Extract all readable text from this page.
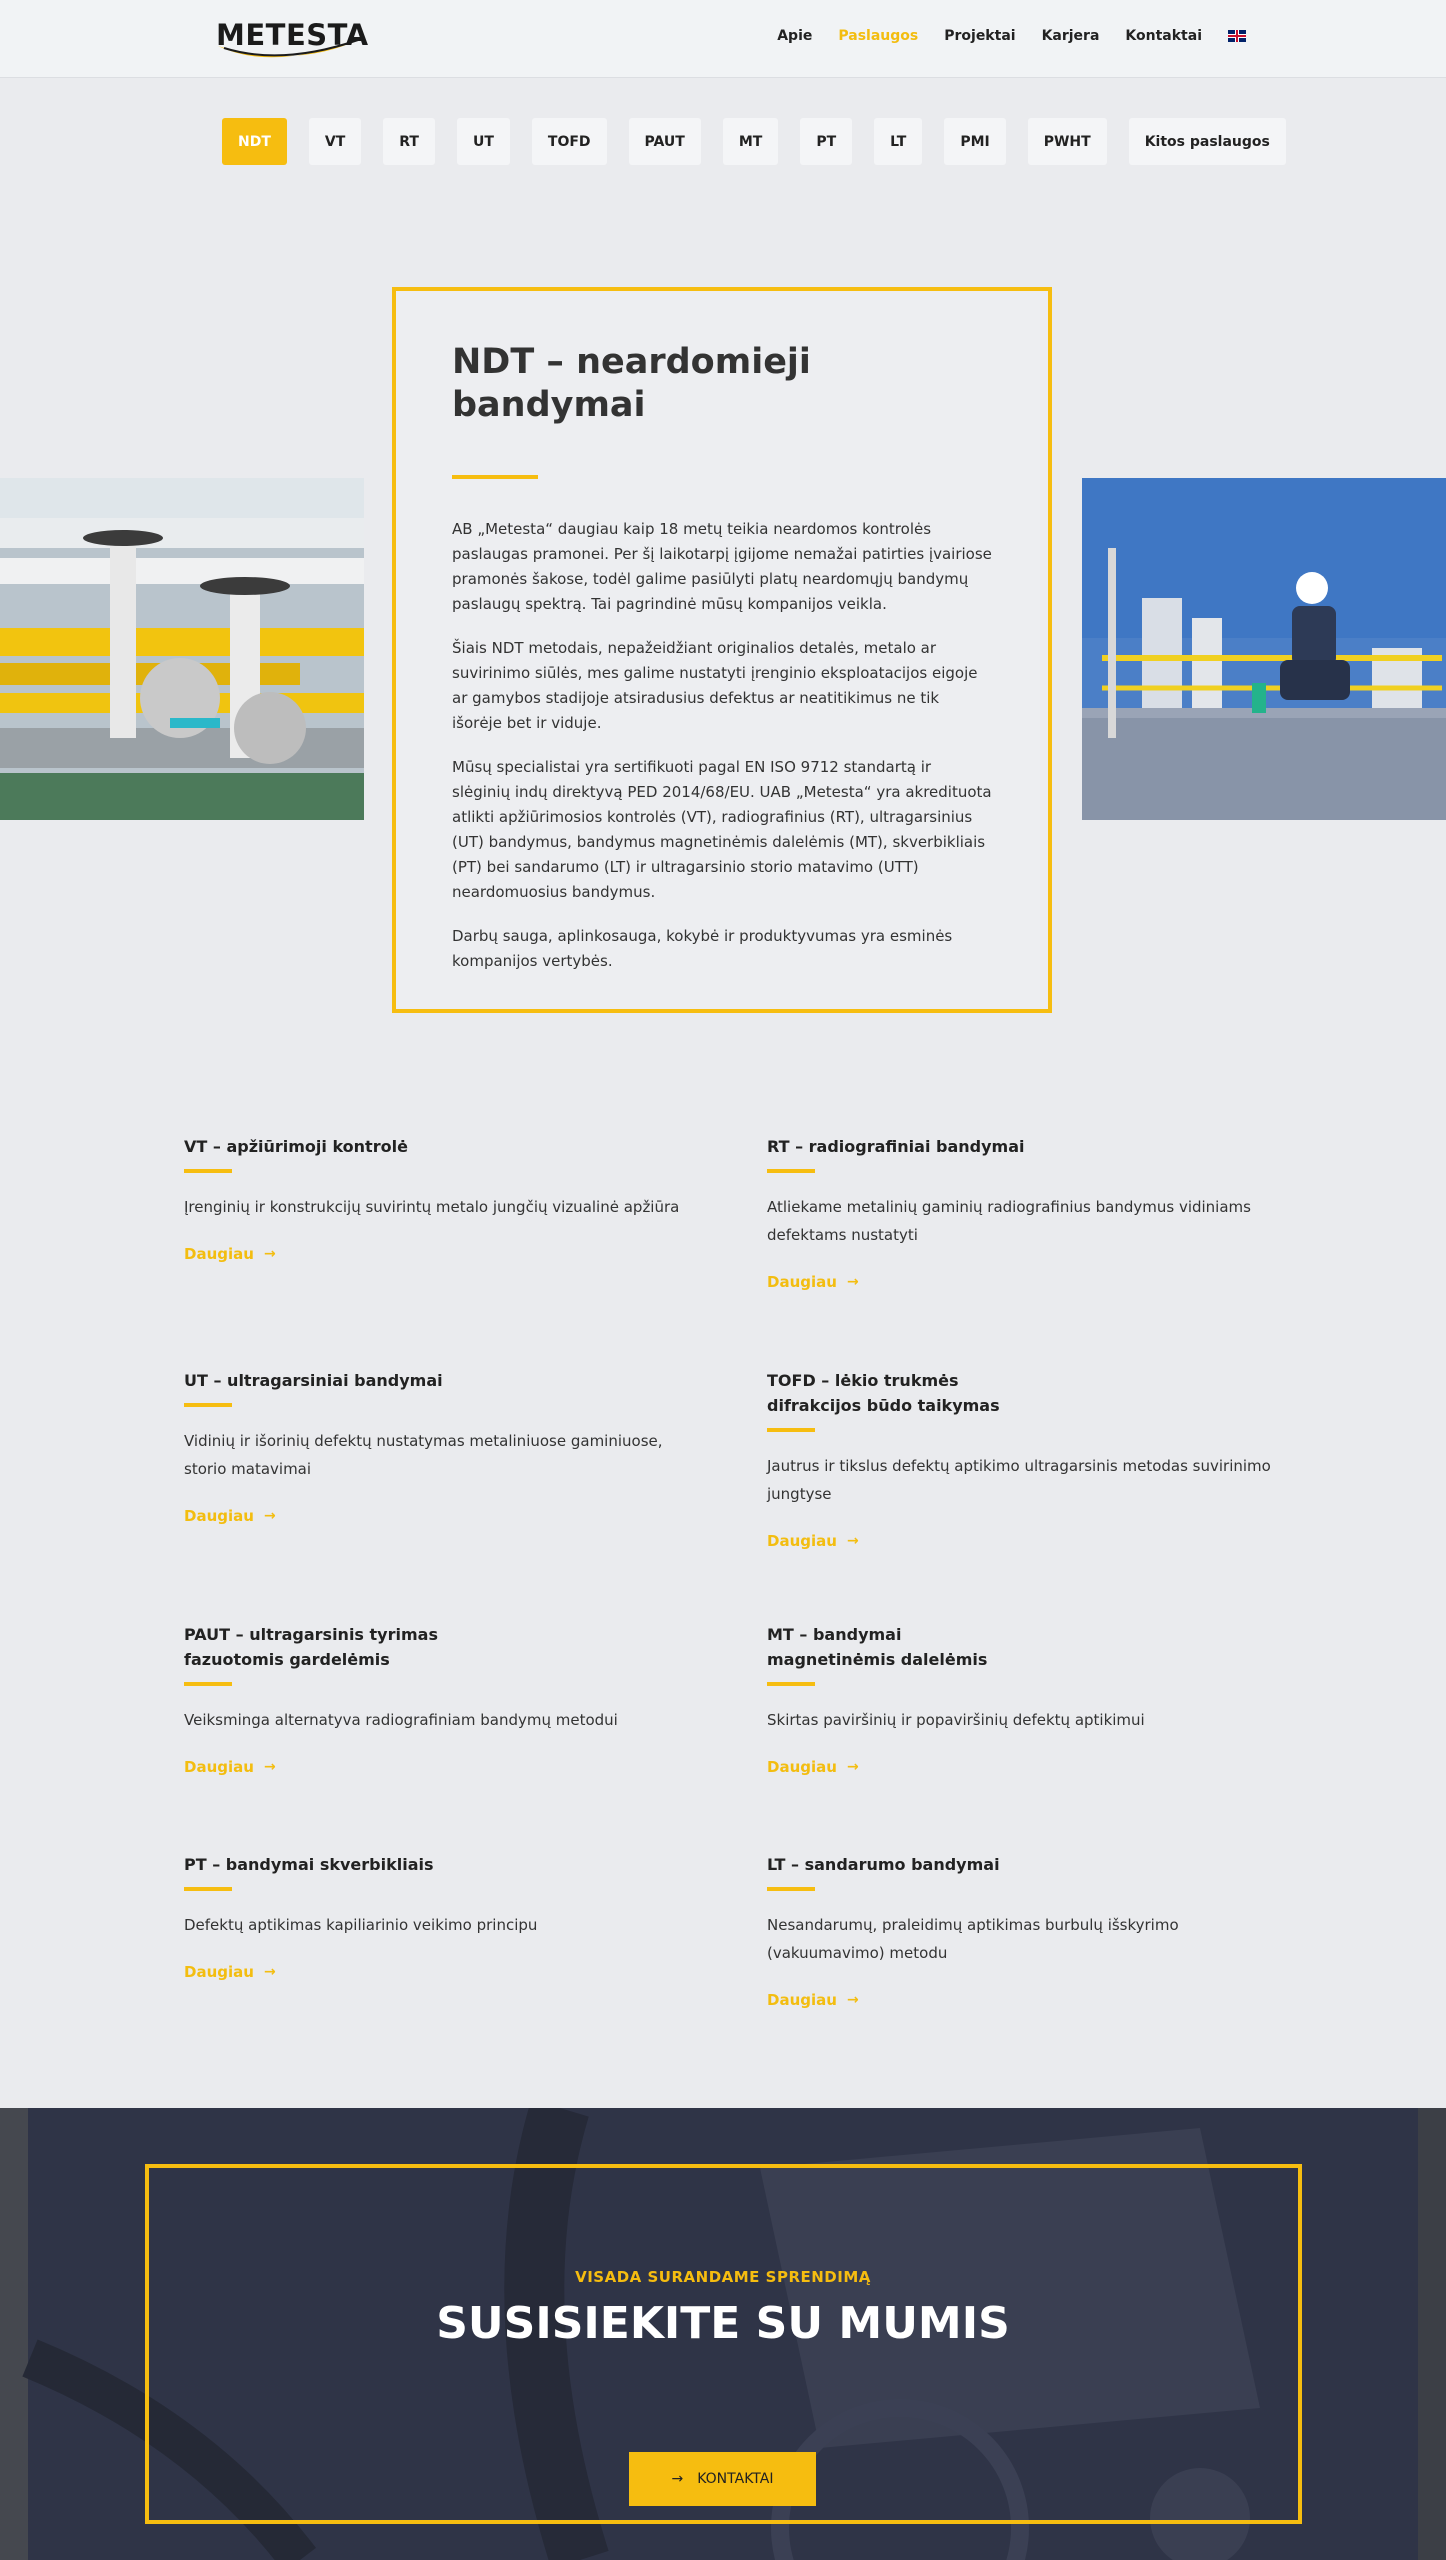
METESTA	Apie Paslaugos Projektai Karjera Kontaktai
NDT	VT	RT	UT	TOFD	PAUT	MT	PT	LT	PMI	PWHT	Kitos paslaugos
NDT – neardomieji bandymai

AB „Metesta“ daugiau kaip 18 metų teikia neardomos kontrolės paslaugas pramonei. Per šį laikotarpį įgijome nemažai patirties įvairiose pramonės šakose, todėl galime pasiūlyti platų neardomųjų bandymų paslaugų spektrą. Tai pagrindinė mūsų kompanijos veikla.

Šiais NDT metodais, nepažeidžiant originalios detalės, metalo ar suvirinimo siūlės, mes galime nustatyti įrenginio eksploatacijos eigoje ar gamybos stadijoje atsiradusius defektus ar neatitikimus ne tik išorėje bet ir viduje.

Mūsų specialistai yra sertifikuoti pagal EN ISO 9712 standartą ir slėginių indų direktyvą PED 2014/68/EU. UAB „Metesta“ yra akredituota atlikti apžiūrimosios kontrolės (VT), radiografinius (RT), ultragarsinius (UT) bandymus, bandymus magnetinėmis dalelėmis (MT), skverbikliais (PT) bei sandarumo (LT) ir ultragarsinio storio matavimo (UTT) neardomuosius bandymus.

Darbų sauga, aplinkosauga, kokybė ir produktyvumas yra esminės kompanijos vertybės.

VT – apžiūrimoji kontrolė
Įrenginių ir konstrukcijų suvirintų metalo jungčių vizualinė apžiūra
Daugiau →
RT – radiografiniai bandymai
Atliekame metalinių gaminių radiografinius bandymus vidiniams defektams nustatyti
Daugiau →
UT – ultragarsiniai bandymai
Vidinių ir išorinių defektų nustatymas metaliniuose gaminiuose, storio matavimai
Daugiau →
TOFD – lėkio trukmės
difrakcijos būdo taikymas
Jautrus ir tikslus defektų aptikimo ultragarsinis metodas suvirinimo jungtyse
Daugiau →
PAUT – ultragarsinis tyrimas
fazuotomis gardelėmis
Veiksminga alternatyva radiografiniam bandymų metodui
Daugiau →
MT – bandymai
magnetinėmis dalelėmis
Skirtas paviršinių ir popaviršinių defektų aptikimui
Daugiau →
PT – bandymai skverbikliais
Defektų aptikimas kapiliarinio veikimo principu
Daugiau →
LT – sandarumo bandymai
Nesandarumų, praleidimų aptikimas burbulų išskyrimo (vakuumavimo) metodu
Daugiau →
VISADA SURANDAME SPRENDIMĄ
SUSISIEKITE SU MUMIS
→ KONTAKTAI
